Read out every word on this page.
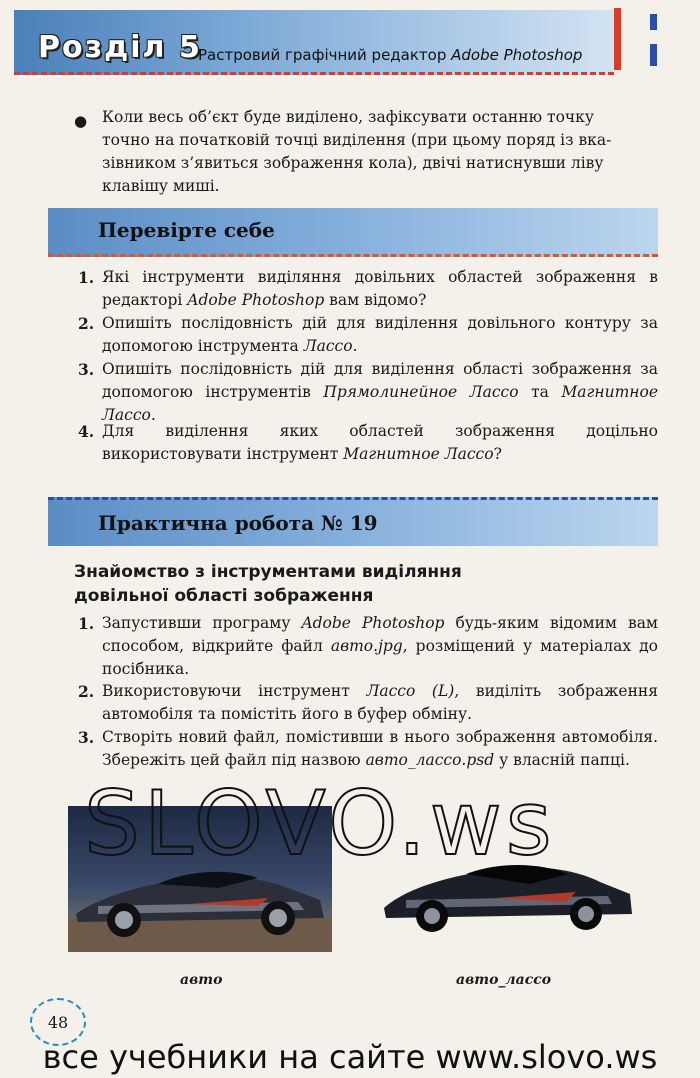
Розділ 5
Растровий графічний редактор Adobe Photoshop
● Коли весь об’єкт буде виділено, зафіксувати останню точку
точно на початковій точці виділення (при цьому поряд із вка-
зівником з’явиться зображення кола), двічі натиснувши ліву
клавішу миші.
Перевірте себе
1. Які інструменти виділяння довільних областей зображення в редакторі Adobe Photoshop вам відомо?
2. Опишіть послідовність дій для виділення довільного контуру за допомогою інструмента Лассо.
3. Опишіть послідовність дій для виділення області зображення за допомогою інструментів Прямолинейное Лассо та Магнитное Лассо.
4. Для виділення яких областей зображення доцільно використовувати інструмент Магнитное Лассо?
Практична робота № 19
Знайомство з інструментами виділяння
довільної області зображення
1. Запустивши програму Adobe Photoshop будь-яким відомим вам способом, відкрийте файл авто.jpg, розміщений у матеріалах до посібника.
2. Використовуючи інструмент Лассо (L), виділіть зображення автомобіля та помістіть його в буфер обміну.
3. Створіть новий файл, помістивши в нього зображення автомобіля. Збережіть цей файл під назвою авто_лассо.psd у власній папці.
авто	авто_лассо
SLOVO.ws
48
все учебники на сайте www.slovo.ws
